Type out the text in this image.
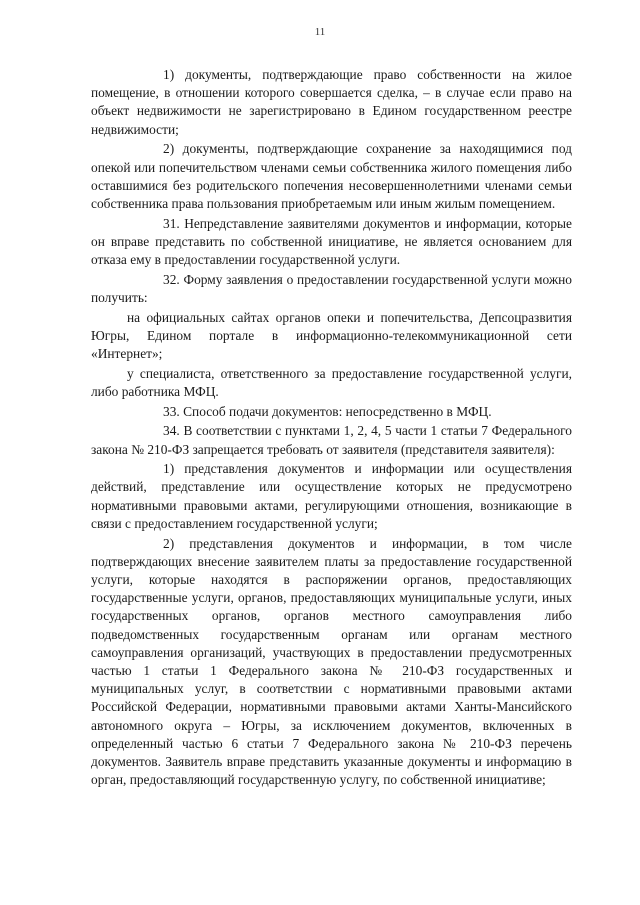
11

1) документы, подтверждающие право собственности на жилое помещение, в отношении которого совершается сделка, – в случае если право на объект недвижимости не зарегистрировано в Едином государственном реестре недвижимости;

2) документы, подтверждающие сохранение за находящимися под опекой или попечительством членами семьи собственника жилого помещения либо оставшимися без родительского попечения несовершеннолетними членами семьи собственника права пользования приобретаемым или иным жилым помещением.

31. Непредставление заявителями документов и информации, которые он вправе представить по собственной инициативе, не является основанием для отказа ему в предоставлении государственной услуги.

32. Форму заявления о предоставлении государственной услуги можно получить:

на официальных сайтах органов опеки и попечительства, Депсоцразвития Югры, Едином портале в информационно-телекоммуникационной сети «Интернет»;

у специалиста, ответственного за предоставление государственной услуги, либо работника МФЦ.

33. Способ подачи документов: непосредственно в МФЦ.

34. В соответствии с пунктами 1, 2, 4, 5 части 1 статьи 7 Федерального закона № 210-ФЗ запрещается требовать от заявителя (представителя заявителя):

1) представления документов и информации или осуществления действий, представление или осуществление которых не предусмотрено нормативными правовыми актами, регулирующими отношения, возникающие в связи с предоставлением государственной услуги;

2) представления документов и информации, в том числе подтверждающих внесение заявителем платы за предоставление государственной услуги, которые находятся в распоряжении органов, предоставляющих государственные услуги, органов, предоставляющих муниципальные услуги, иных государственных органов, органов местного самоуправления либо подведомственных государственным органам или органам местного самоуправления организаций, участвующих в предоставлении предусмотренных частью 1 статьи 1 Федерального закона № 210-ФЗ государственных и муниципальных услуг, в соответствии с нормативными правовыми актами Российской Федерации, нормативными правовыми актами Ханты-Мансийского автономного округа – Югры, за исключением документов, включенных в определенный частью 6 статьи 7 Федерального закона № 210-ФЗ перечень документов. Заявитель вправе представить указанные документы и информацию в орган, предоставляющий государственную услугу, по собственной инициативе;
